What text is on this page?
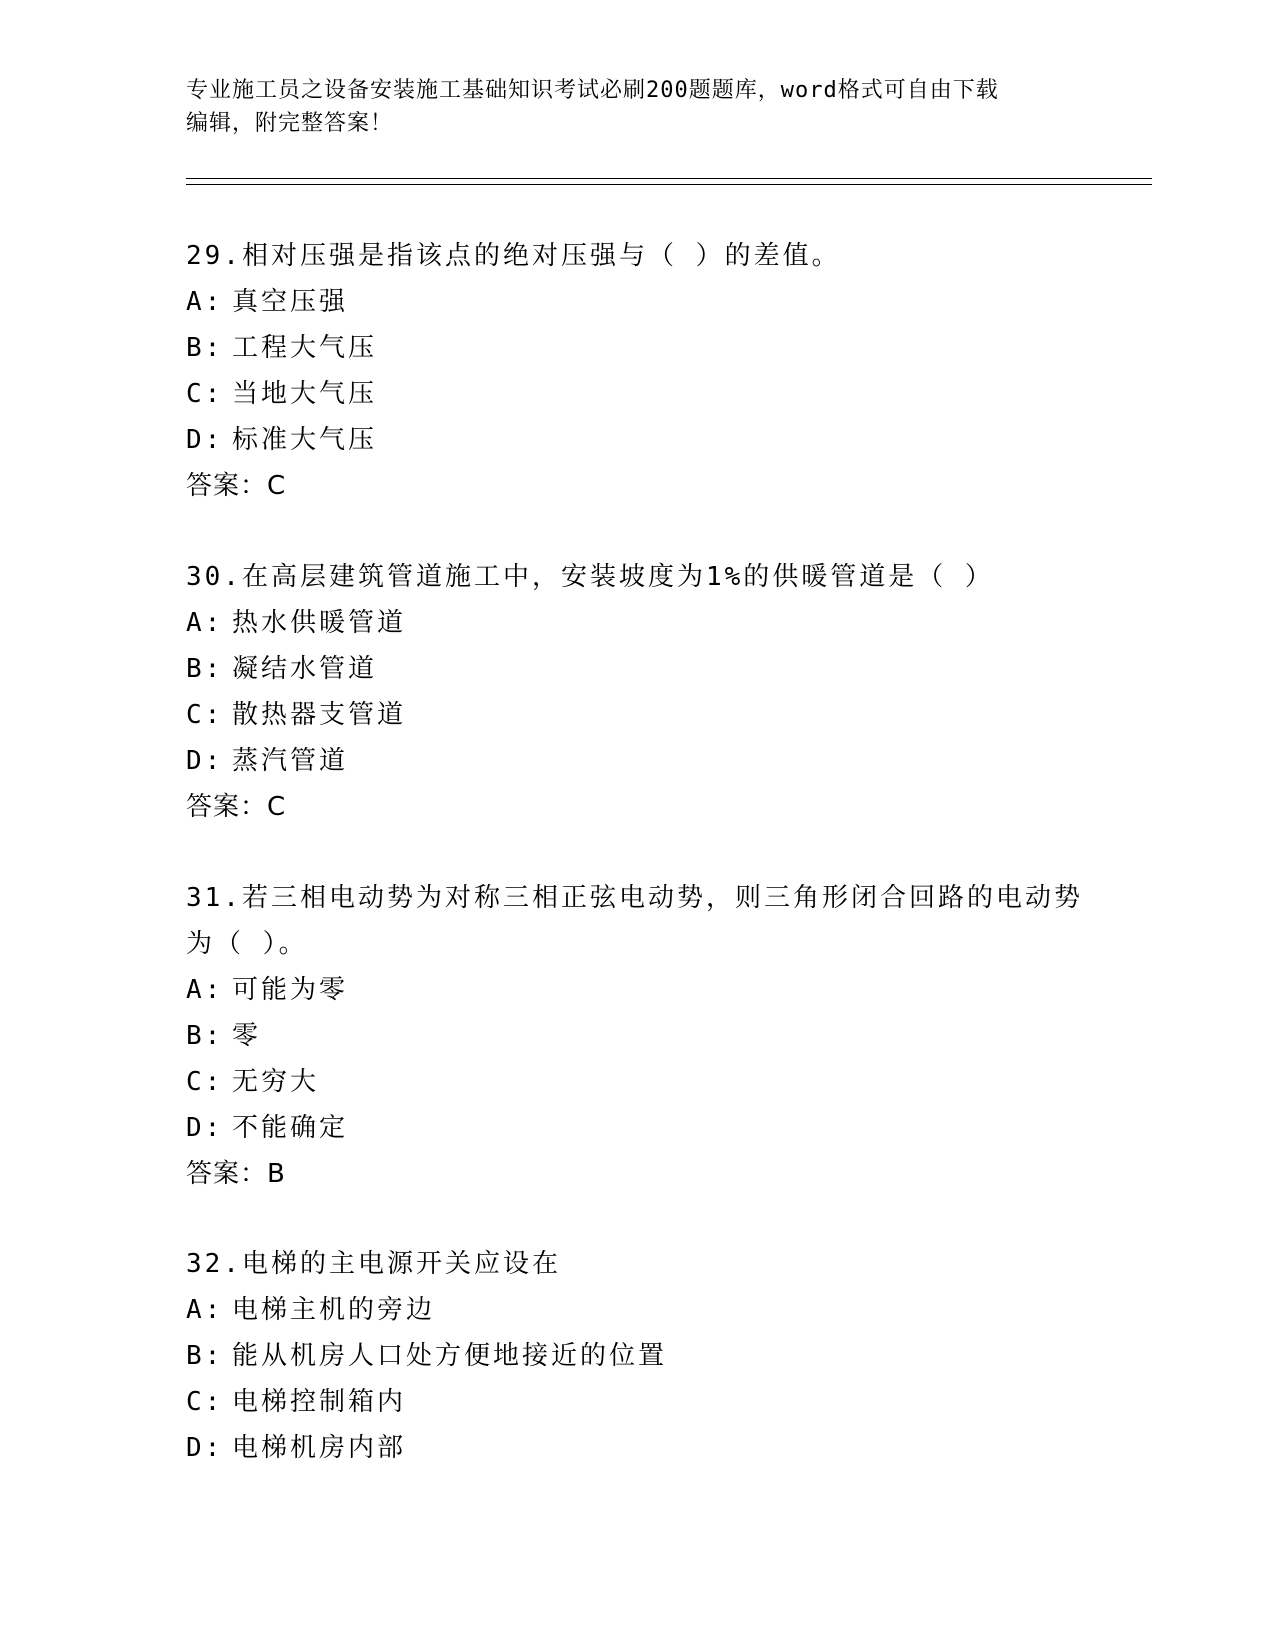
专业施工员之设备安装施工基础知识考试必刷200题题库，word格式可自由下载
编辑，附完整答案！

29.相对压强是指该点的绝对压强与（ ）的差值。

A: 真空压强

B: 工程大气压

C: 当地大气压

D: 标准大气压

答案：C

30.在高层建筑管道施工中，安装坡度为1%的供暖管道是（ ）

A: 热水供暖管道

B: 凝结水管道

C: 散热器支管道

D: 蒸汽管道

答案：C

31.若三相电动势为对称三相正弦电动势，则三角形闭合回路的电动势

为（ ）。

A: 可能为零

B: 零

C: 无穷大

D: 不能确定

答案：B

32.电梯的主电源开关应设在

A: 电梯主机的旁边

B: 能从机房人口处方便地接近的位置

C: 电梯控制箱内

D: 电梯机房内部
